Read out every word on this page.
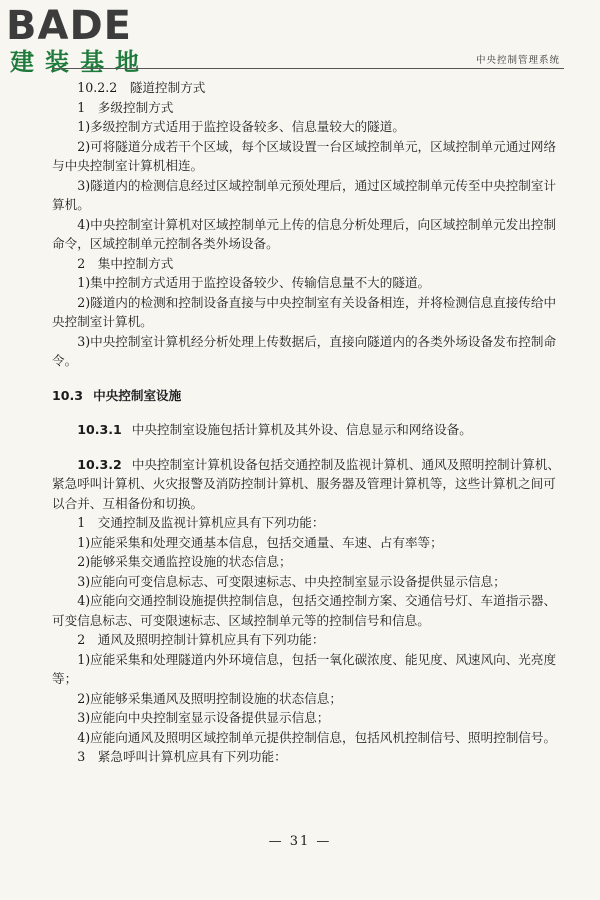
BADE

建装基地	中央控制管理系统

10.2.2　隧道控制方式

1　多级控制方式

1)多级控制方式适用于监控设备较多、信息量较大的隧道。

2)可将隧道分成若干个区域，每个区域设置一台区域控制单元，区域控制单元通过网络与中央控制室计算机相连。

3)隧道内的检测信息经过区域控制单元预处理后，通过区域控制单元传至中央控制室计算机。

4)中央控制室计算机对区域控制单元上传的信息分析处理后，向区域控制单元发出控制命令，区域控制单元控制各类外场设备。

2　集中控制方式

1)集中控制方式适用于监控设备较少、传输信息量不大的隧道。

2)隧道内的检测和控制设备直接与中央控制室有关设备相连，并将检测信息直接传给中央控制室计算机。

3)中央控制室计算机经分析处理上传数据后，直接向隧道内的各类外场设备发布控制命令。

10.3 中央控制室设施

10.3.1 中央控制室设施包括计算机及其外设、信息显示和网络设备。

10.3.2 中央控制室计算机设备包括交通控制及监视计算机、通风及照明控制计算机、紧急呼叫计算机、火灾报警及消防控制计算机、服务器及管理计算机等，这些计算机之间可以合并、互相备份和切换。

1　交通控制及监视计算机应具有下列功能：

1)应能采集和处理交通基本信息，包括交通量、车速、占有率等；

2)能够采集交通监控设施的状态信息；

3)应能向可变信息标志、可变限速标志、中央控制室显示设备提供显示信息；

4)应能向交通控制设施提供控制信息，包括交通控制方案、交通信号灯、车道指示器、可变信息标志、可变限速标志、区域控制单元等的控制信号和信息。

2　通风及照明控制计算机应具有下列功能：

1)应能采集和处理隧道内外环境信息，包括一氧化碳浓度、能见度、风速风向、光亮度等；

2)应能够采集通风及照明控制设施的状态信息；

3)应能向中央控制室显示设备提供显示信息；

4)应能向通风及照明区域控制单元提供控制信息，包括风机控制信号、照明控制信号。

3　紧急呼叫计算机应具有下列功能：

— 31 —
